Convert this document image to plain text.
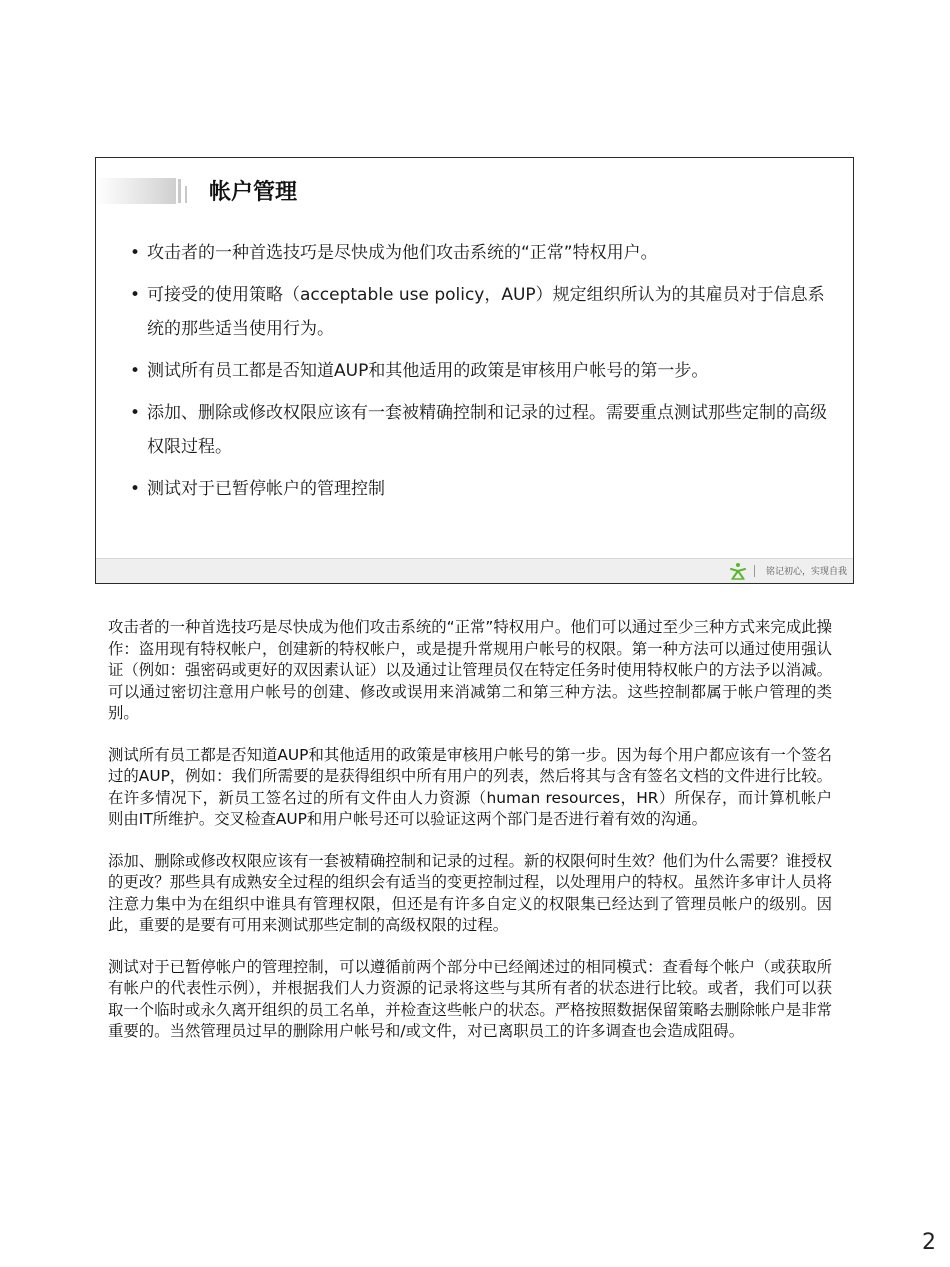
帐户管理
• 攻击者的一种首选技巧是尽快成为他们攻击系统的“正常”特权用户。
• 可接受的使用策略（acceptable use policy，AUP）规定组织所认为的其雇员对于信息系统的那些适当使用行为。
• 测试所有员工都是否知道AUP和其他适用的政策是审核用户帐号的第一步。
• 添加、删除或修改权限应该有一套被精确控制和记录的过程。需要重点测试那些定制的高级权限过程。
• 测试对于已暂停帐户的管理控制
铭记初心，实现自我

攻击者的一种首选技巧是尽快成为他们攻击系统的“正常”特权用户。他们可以通过至少三种方式来完成此操作：盗用现有特权帐户，创建新的特权帐户，或是提升常规用户帐号的权限。第一种方法可以通过使用强认证（例如：强密码或更好的双因素认证）以及通过让管理员仅在特定任务时使用特权帐户的方法予以消减。可以通过密切注意用户帐号的创建、修改或误用来消减第二和第三种方法。这些控制都属于帐户管理的类别。

测试所有员工都是否知道AUP和其他适用的政策是审核用户帐号的第一步。因为每个用户都应该有一个签名过的AUP，例如：我们所需要的是获得组织中所有用户的列表，然后将其与含有签名文档的文件进行比较。在许多情况下，新员工签名过的所有文件由人力资源（human resources，HR）所保存，而计算机帐户则由IT所维护。交叉检查AUP和用户帐号还可以验证这两个部门是否进行着有效的沟通。

添加、删除或修改权限应该有一套被精确控制和记录的过程。新的权限何时生效？他们为什么需要？谁授权的更改？那些具有成熟安全过程的组织会有适当的变更控制过程，以处理用户的特权。虽然许多审计人员将注意力集中为在组织中谁具有管理权限，但还是有许多自定义的权限集已经达到了管理员帐户的级别。因此，重要的是要有可用来测试那些定制的高级权限的过程。

测试对于已暂停帐户的管理控制，可以遵循前两个部分中已经阐述过的相同模式：查看每个帐户（或获取所有帐户的代表性示例），并根据我们人力资源的记录将这些与其所有者的状态进行比较。或者，我们可以获取一个临时或永久离开组织的员工名单，并检查这些帐户的状态。严格按照数据保留策略去删除帐户是非常重要的。当然管理员过早的删除用户帐号和/或文件，对已离职员工的许多调查也会造成阻碍。

2
